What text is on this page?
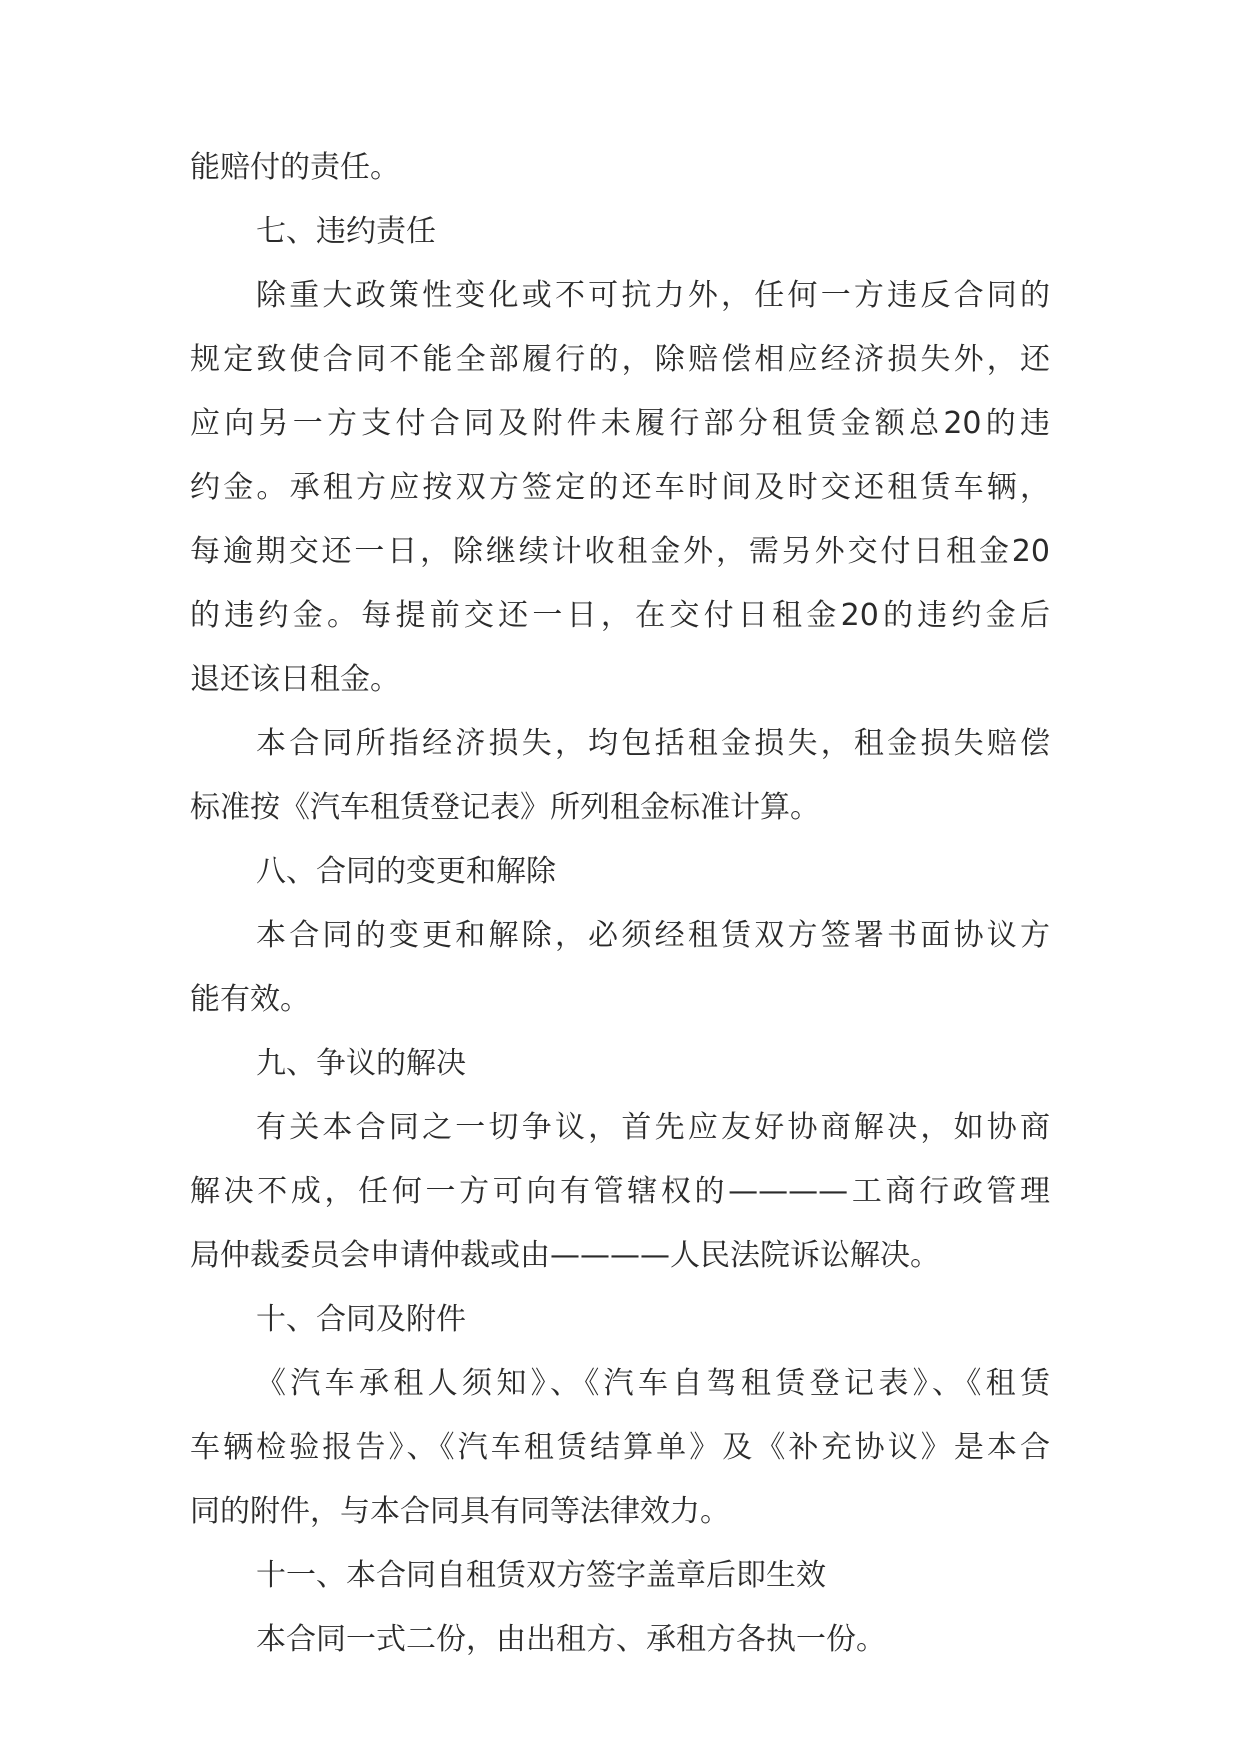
能赔付的责任。
七、违约责任
除重大政策性变化或不可抗力外，任何一方违反合同的
规定致使合同不能全部履行的，除赔偿相应经济损失外，还
应向另一方支付合同及附件未履行部分租赁金额总20的违
约金。承租方应按双方签定的还车时间及时交还租赁车辆，
每逾期交还一日，除继续计收租金外，需另外交付日租金20
的违约金。每提前交还一日，在交付日租金20的违约金后
退还该日租金。
本合同所指经济损失，均包括租金损失，租金损失赔偿
标准按《汽车租赁登记表》所列租金标准计算。
八、合同的变更和解除
本合同的变更和解除，必须经租赁双方签署书面协议方
能有效。
九、争议的解决
有关本合同之一切争议，首先应友好协商解决，如协商
解决不成，任何一方可向有管辖权的————工商行政管理
局仲裁委员会申请仲裁或由————人民法院诉讼解决。
十、合同及附件
《汽车承租人须知》、《汽车自驾租赁登记表》、《租赁
车辆检验报告》、《汽车租赁结算单》及《补充协议》是本合
同的附件，与本合同具有同等法律效力。
十一、本合同自租赁双方签字盖章后即生效
本合同一式二份，由出租方、承租方各执一份。
